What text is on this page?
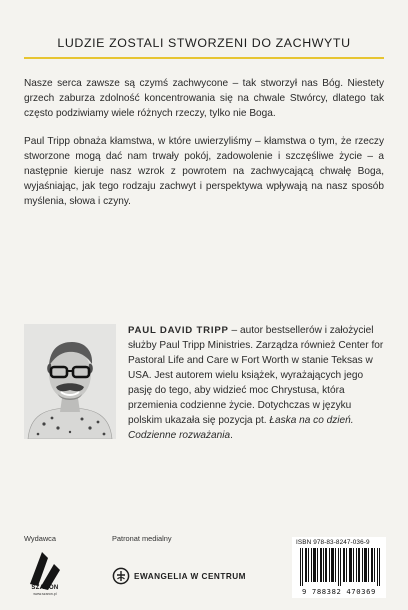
LUDZIE ZOSTALI STWORZENI DO ZACHWYTU

Nasze serca zawsze są czymś zachwycone – tak stworzył nas Bóg. Niestety grzech zaburza zdolność koncentrowania się na chwale Stwórcy, dlatego tak często podziwiamy wiele różnych rzeczy, tylko nie Boga.

Paul Tripp obnaża kłamstwa, w które uwierzyliśmy – kłamstwa o tym, że rzeczy stworzone mogą dać nam trwały pokój, zadowolenie i szczęśliwe życie – a następnie kieruje nasz wzrok z powrotem na zachwycającą chwałę Boga, wyjaśniając, jak tego rodzaju zachwyt i perspektywa wpływają na nasz sposób myślenia, słowa i czyny.

PAUL DAVID TRIPP – autor bestsellerów i założyciel służby Paul Tripp Ministries. Zarządza również Center for Pastoral Life and Care w Fort Worth w stanie Teksas w USA. Jest autorem wielu książek, wyrażających jego pasję do tego, aby widzieć moc Chrystusa, która przemienia codzienne życie. Dotychczas w języku polskim ukazała się pozycja pt. Łaska na co dzień. Codzienne rozważania.

Wydawca	Patronat medialny
SZARON
www.szaron.pl
EWANGELIA W CENTRUM
ISBN 978-83-8247-036-9
9 788382 470369
